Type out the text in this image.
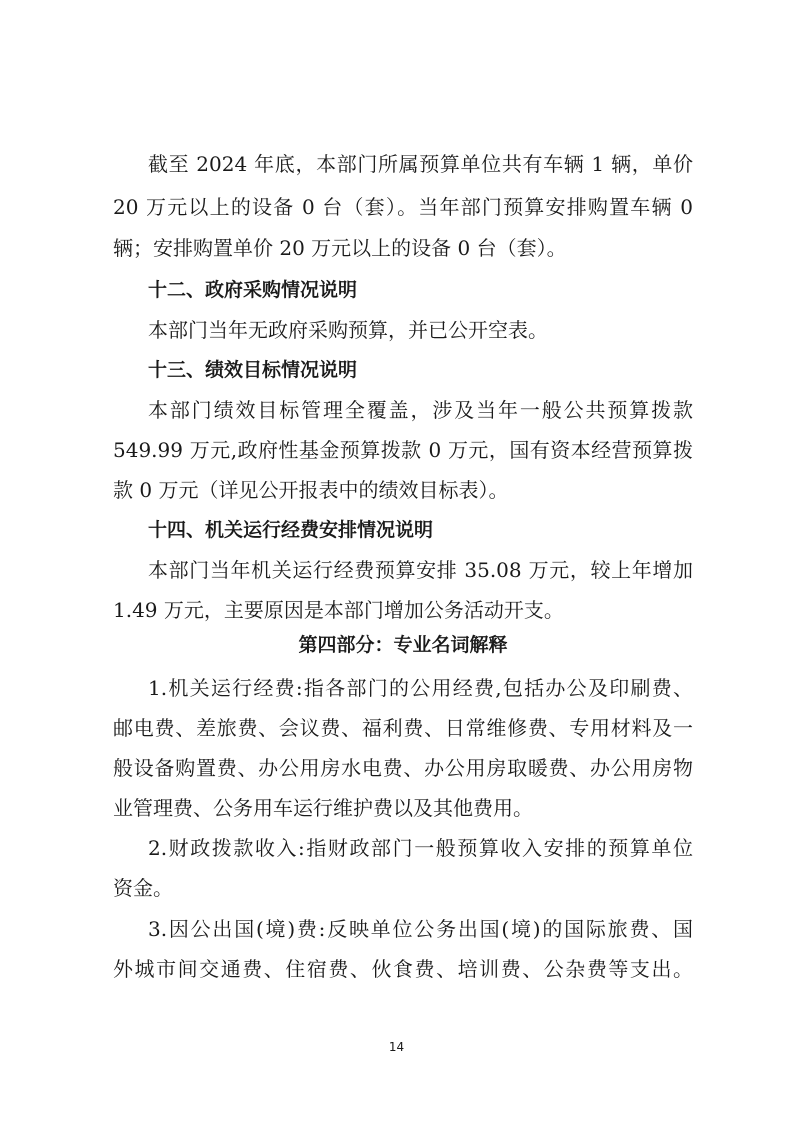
截至 2024 年底，本部门所属预算单位共有车辆 1 辆，单价
20 万元以上的设备 0 台（套）。当年部门预算安排购置车辆 0
辆；安排购置单价 20 万元以上的设备 0 台（套）。
十二、政府采购情况说明
本部门当年无政府采购预算，并已公开空表。
十三、绩效目标情况说明
本部门绩效目标管理全覆盖，涉及当年一般公共预算拨款
549.99 万元,政府性基金预算拨款 0 万元，国有资本经营预算拨
款 0 万元（详见公开报表中的绩效目标表）。
十四、机关运行经费安排情况说明
本部门当年机关运行经费预算安排 35.08 万元，较上年增加
1.49 万元，主要原因是本部门增加公务活动开支。
第四部分：专业名词解释
1.机关运行经费:指各部门的公用经费,包括办公及印刷费、
邮电费、差旅费、会议费、福利费、日常维修费、专用材料及一
般设备购置费、办公用房水电费、办公用房取暖费、办公用房物
业管理费、公务用车运行维护费以及其他费用。
2.财政拨款收入:指财政部门一般预算收入安排的预算单位
资金。
3.因公出国(境)费:反映单位公务出国(境)的国际旅费、国
外城市间交通费、住宿费、伙食费、培训费、公杂费等支出。
14
